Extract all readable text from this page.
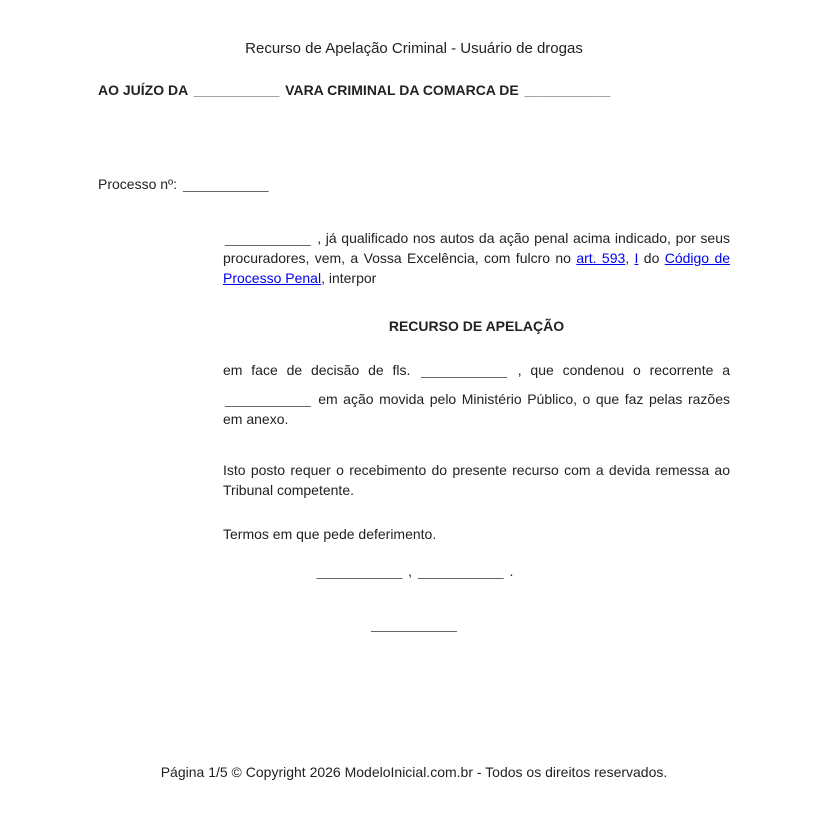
Recurso de Apelação Criminal - Usuário de drogas
AO JUÍZO DA ___________ VARA CRIMINAL DA COMARCA DE ___________
Processo nº: ___________

___________ , já qualificado nos autos da ação penal acima indicado, por seus procuradores, vem, a Vossa Excelência, com fulcro no art. 593, I do Código de Processo Penal, interpor

RECURSO DE APELAÇÃO

em face de decisão de fls. ___________ , que condenou o recorrente a ___________ em ação movida pelo Ministério Público, o que faz pelas razões em anexo.

Isto posto requer o recebimento do presente recurso com a devida remessa ao Tribunal competente.

Termos em que pede deferimento.

___________ , ___________ .
___________
Página 1/5 © Copyright 2026 ModeloInicial.com.br - Todos os direitos reservados.
